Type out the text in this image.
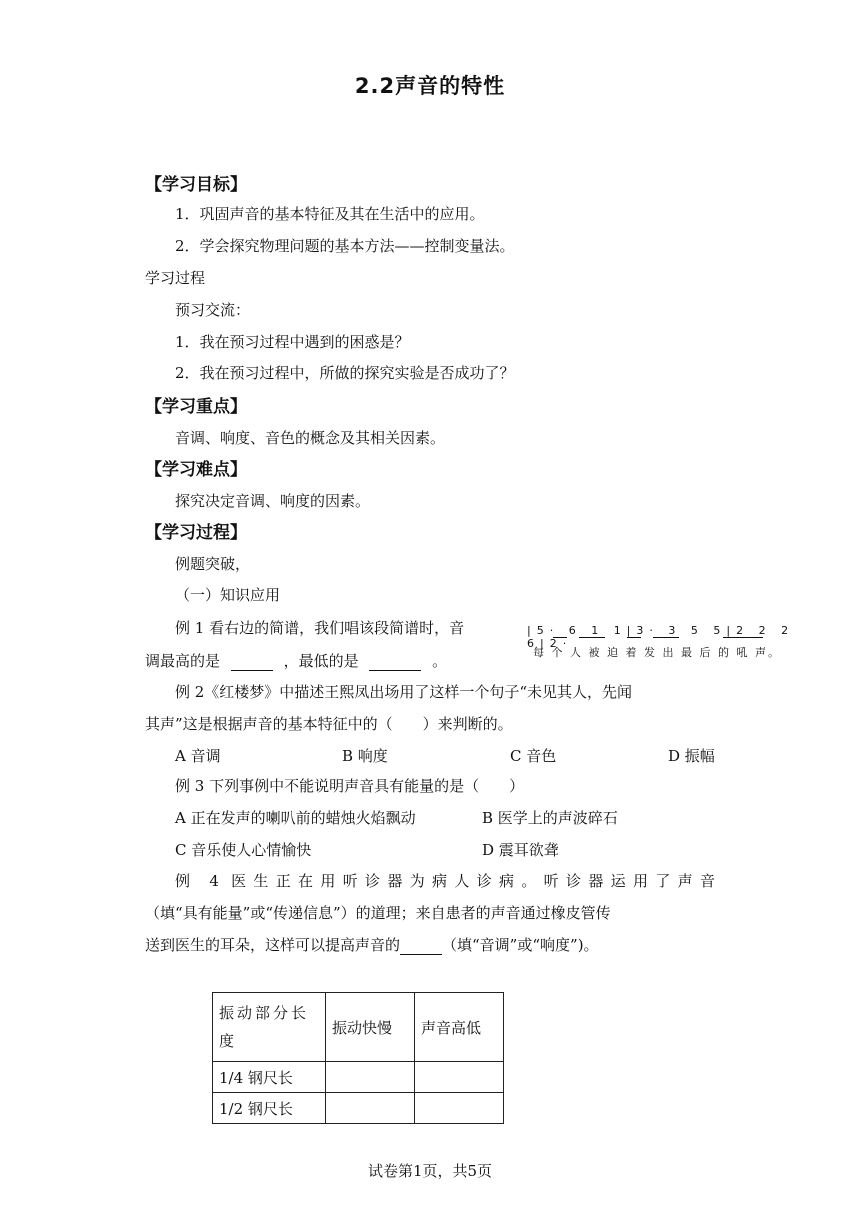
2.2声音的特性
【学习目标】
1．巩固声音的基本特征及其在生活中的应用。
2．学会探究物理问题的基本方法——控制变量法。
学习过程
预习交流：
1．我在预习过程中遇到的困惑是？
2．我在预习过程中，所做的探究实验是否成功了？
【学习重点】
音调、响度、音色的概念及其相关因素。
【学习难点】
探究决定音调、响度的因素。
【学习过程】
例题突破，
（一）知识应用
例 1 看右边的简谱，我们唱该段简谱时，音
调最高的是	，最低的是	。
|5· 6 1 1|3· 3 5 5|2 2 2 6|2·
每 个 人 被 迫 着 发 出 最 后 的 吼 声。
例 2《红楼梦》中描述王熙凤出场用了这样一个句子“未见其人，先闻
其声”这是根据声音的基本特征中的（　　）来判断的。
A 音调	B 响度	C 音色	D 振幅
例 3 下列事例中不能说明声音具有能量的是（　　）
A 正在发声的喇叭前的蜡烛火焰飘动	B 医学上的声波碎石
C 音乐使人心情愉快	D 震耳欲聋
例 4 医生正在用听诊器为病人诊病。听诊器运用了声音
（填“具有能量”或“传递信息”）的道理；来自患者的声音通过橡皮管传
送到医生的耳朵，这样可以提高声音的	（填“音调”或“响度”)。
振动部分长度	振动快慢	声音高低
1/4 钢尺长		
1/2 钢尺长		
试卷第1页，共5页
